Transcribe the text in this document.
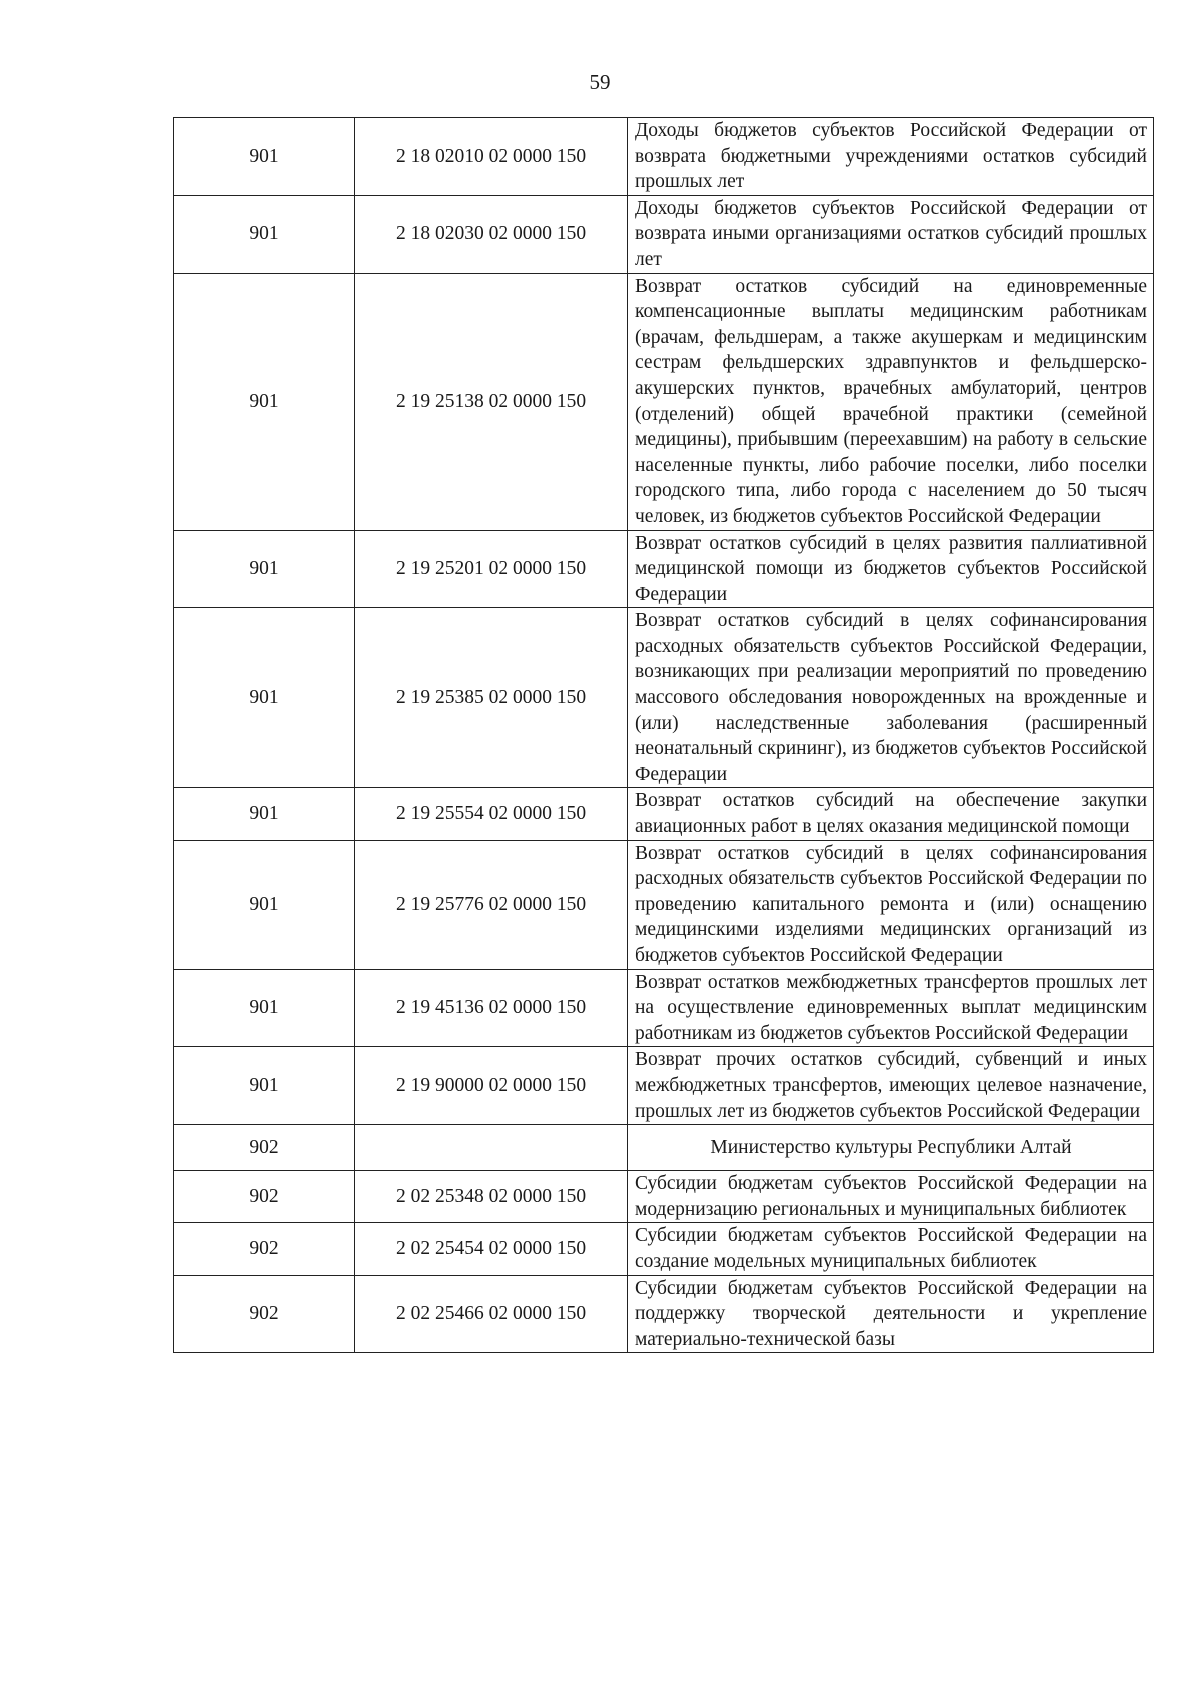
59
901	2 18 02010 02 0000 150	Доходы бюджетов субъектов Российской Федерации от возврата бюджетными учреждениями остатков субсидий прошлых лет
901	2 18 02030 02 0000 150	Доходы бюджетов субъектов Российской Федерации от возврата иными организациями остатков субсидий прошлых лет
901	2 19 25138 02 0000 150	Возврат остатков субсидий на единовременные компенсационные выплаты медицинским работникам (врачам, фельдшерам, а также акушеркам и медицинским сестрам фельдшерских здравпунктов и фельдшерско-акушерских пунктов, врачебных амбулаторий, центров (отделений) общей врачебной практики (семейной медицины), прибывшим (переехавшим) на работу в сельские населенные пункты, либо рабочие поселки, либо поселки городского типа, либо города с населением до 50 тысяч человек, из бюджетов субъектов Российской Федерации
901	2 19 25201 02 0000 150	Возврат остатков субсидий в целях развития паллиативной медицинской помощи из бюджетов субъектов Российской Федерации
901	2 19 25385 02 0000 150	Возврат остатков субсидий в целях софинансирования расходных обязательств субъектов Российской Федерации, возникающих при реализации мероприятий по проведению массового обследования новорожденных на врожденные и (или) наследственные заболевания (расширенный неонатальный скрининг), из бюджетов субъектов Российской Федерации
901	2 19 25554 02 0000 150	Возврат остатков субсидий на обеспечение закупки авиационных работ в целях оказания медицинской помощи
901	2 19 25776 02 0000 150	Возврат остатков субсидий в целях софинансирования расходных обязательств субъектов Российской Федерации по проведению капитального ремонта и (или) оснащению медицинскими изделиями медицинских организаций из бюджетов субъектов Российской Федерации
901	2 19 45136 02 0000 150	Возврат остатков межбюджетных трансфертов прошлых лет на осуществление единовременных выплат медицинским работникам из бюджетов субъектов Российской Федерации
901	2 19 90000 02 0000 150	Возврат прочих остатков субсидий, субвенций и иных межбюджетных трансфертов, имеющих целевое назначение, прошлых лет из бюджетов субъектов Российской Федерации
902		Министерство культуры Республики Алтай
902	2 02 25348 02 0000 150	Субсидии бюджетам субъектов Российской Федерации на модернизацию региональных и муниципальных библиотек
902	2 02 25454 02 0000 150	Субсидии бюджетам субъектов Российской Федерации на создание модельных муниципальных библиотек
902	2 02 25466 02 0000 150	Субсидии бюджетам субъектов Российской Федерации на поддержку творческой деятельности и укрепление материально-технической базы
